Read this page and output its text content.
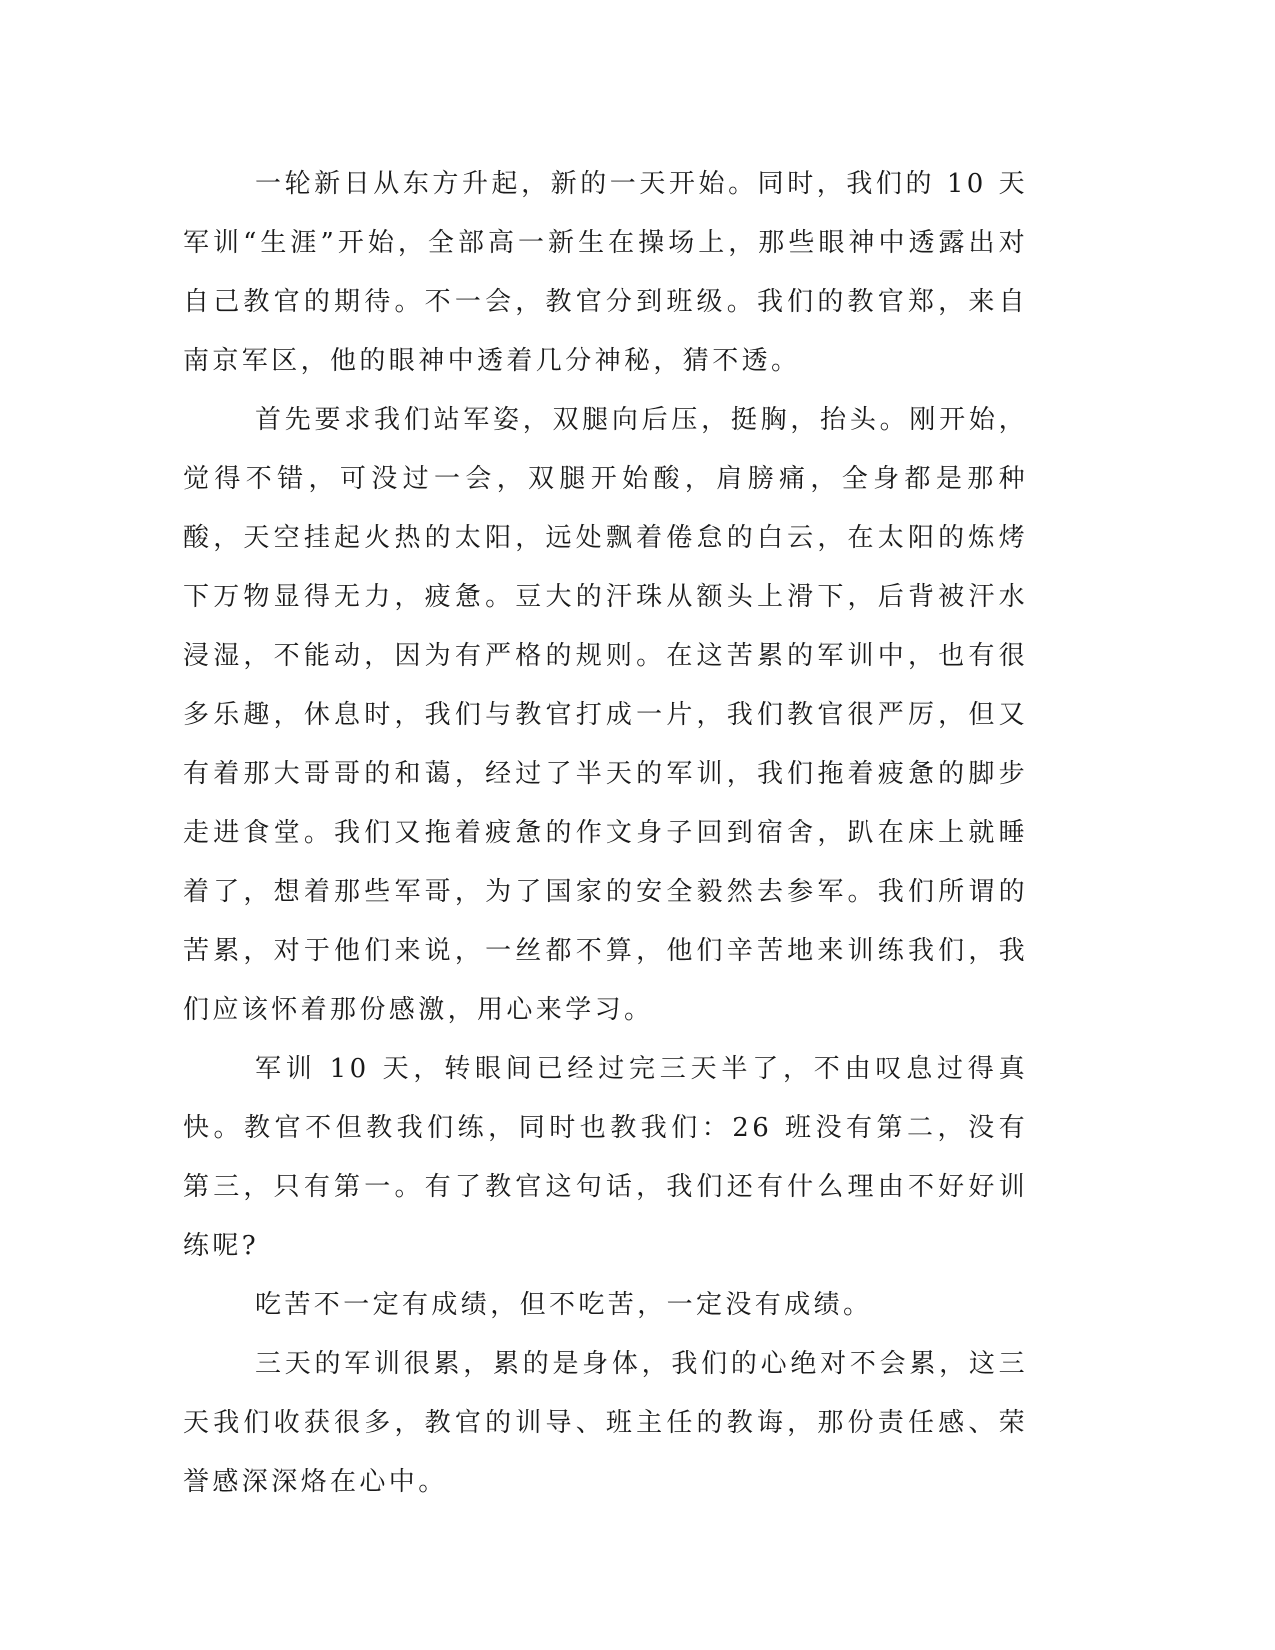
一轮新日从东方升起，新的一天开始。同时，我们的 10 天军训“生涯”开始，全部高一新生在操场上，那些眼神中透露出对自己教官的期待。不一会，教官分到班级。我们的教官郑，来自南京军区，他的眼神中透着几分神秘，猜不透。

首先要求我们站军姿，双腿向后压，挺胸，抬头。刚开始，觉得不错，可没过一会，双腿开始酸，肩膀痛，全身都是那种酸，天空挂起火热的太阳，远处飘着倦怠的白云，在太阳的炼烤下万物显得无力，疲惫。豆大的汗珠从额头上滑下，后背被汗水浸湿，不能动，因为有严格的规则。在这苦累的军训中，也有很多乐趣，休息时，我们与教官打成一片，我们教官很严厉，但又有着那大哥哥的和蔼，经过了半天的军训，我们拖着疲惫的脚步走进食堂。我们又拖着疲惫的作文身子回到宿舍，趴在床上就睡着了，想着那些军哥，为了国家的安全毅然去参军。我们所谓的苦累，对于他们来说，一丝都不算，他们辛苦地来训练我们，我们应该怀着那份感激，用心来学习。

军训 10 天，转眼间已经过完三天半了，不由叹息过得真快。教官不但教我们练，同时也教我们：26 班没有第二，没有第三，只有第一。有了教官这句话，我们还有什么理由不好好训练呢?

吃苦不一定有成绩，但不吃苦，一定没有成绩。

三天的军训很累，累的是身体，我们的心绝对不会累，这三天我们收获很多，教官的训导、班主任的教诲，那份责任感、荣誉感深深烙在心中。
